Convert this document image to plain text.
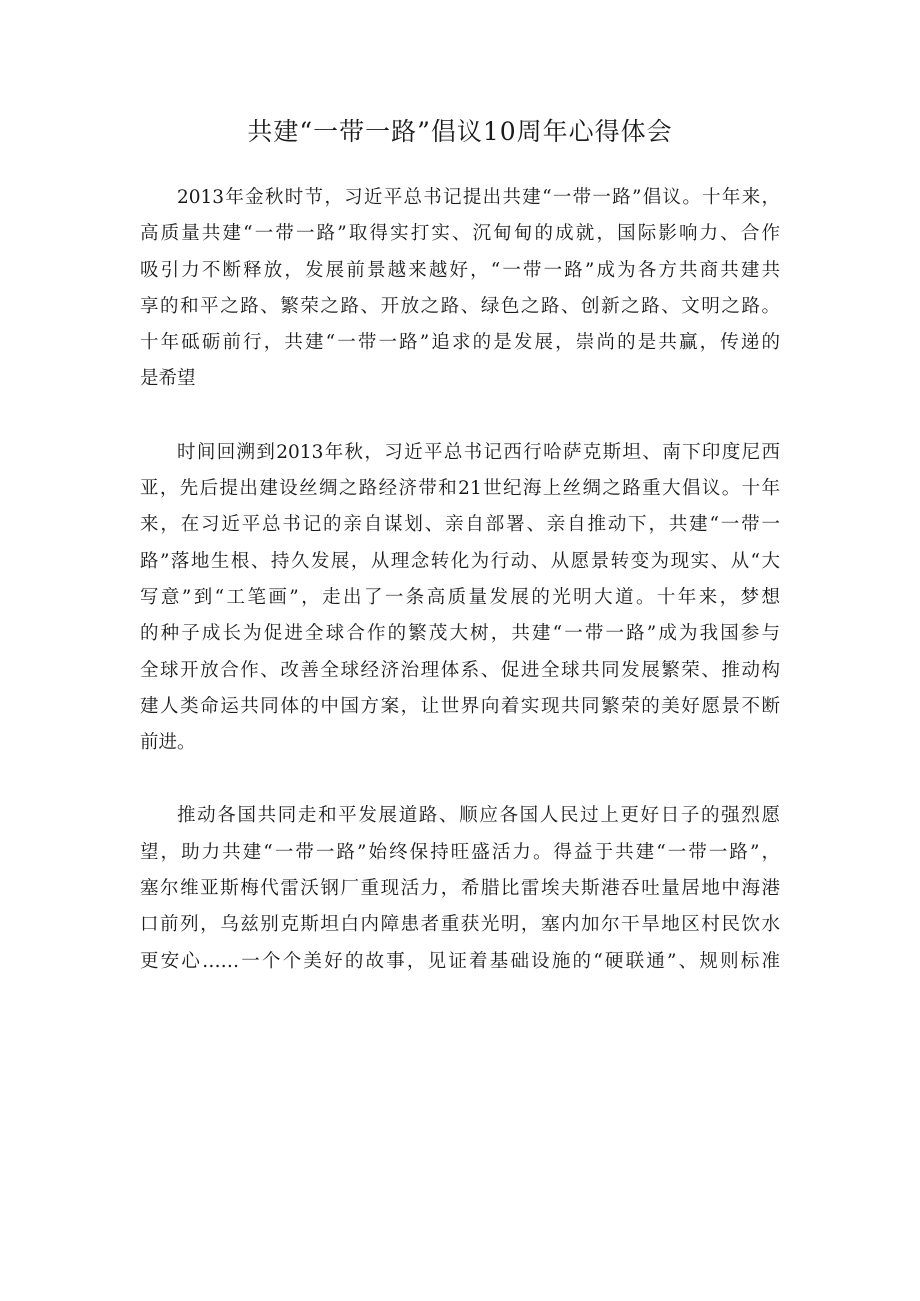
共建“一带一路”倡议10周年心得体会

2013年金秋时节，习近平总书记提出共建“一带一路”倡议。十年来，
高质量共建“一带一路”取得实打实、沉甸甸的成就，国际影响力、合作
吸引力不断释放，发展前景越来越好，“一带一路”成为各方共商共建共
享的和平之路、繁荣之路、开放之路、绿色之路、创新之路、文明之路。
十年砥砺前行，共建“一带一路”追求的是发展，崇尚的是共赢，传递的
是希望

时间回溯到2013年秋，习近平总书记西行哈萨克斯坦、南下印度尼西
亚，先后提出建设丝绸之路经济带和21世纪海上丝绸之路重大倡议。十年
来，在习近平总书记的亲自谋划、亲自部署、亲自推动下，共建“一带一
路”落地生根、持久发展，从理念转化为行动、从愿景转变为现实、从“大
写意”到“工笔画”，走出了一条高质量发展的光明大道。十年来，梦想
的种子成长为促进全球合作的繁茂大树，共建“一带一路”成为我国参与
全球开放合作、改善全球经济治理体系、促进全球共同发展繁荣、推动构
建人类命运共同体的中国方案，让世界向着实现共同繁荣的美好愿景不断
前进。

推动各国共同走和平发展道路、顺应各国人民过上更好日子的强烈愿
望，助力共建“一带一路”始终保持旺盛活力。得益于共建“一带一路”，
塞尔维亚斯梅代雷沃钢厂重现活力，希腊比雷埃夫斯港吞吐量居地中海港
口前列，乌兹别克斯坦白内障患者重获光明，塞内加尔干旱地区村民饮水
更安心……一个个美好的故事，见证着基础设施的“硬联通”、规则标准
